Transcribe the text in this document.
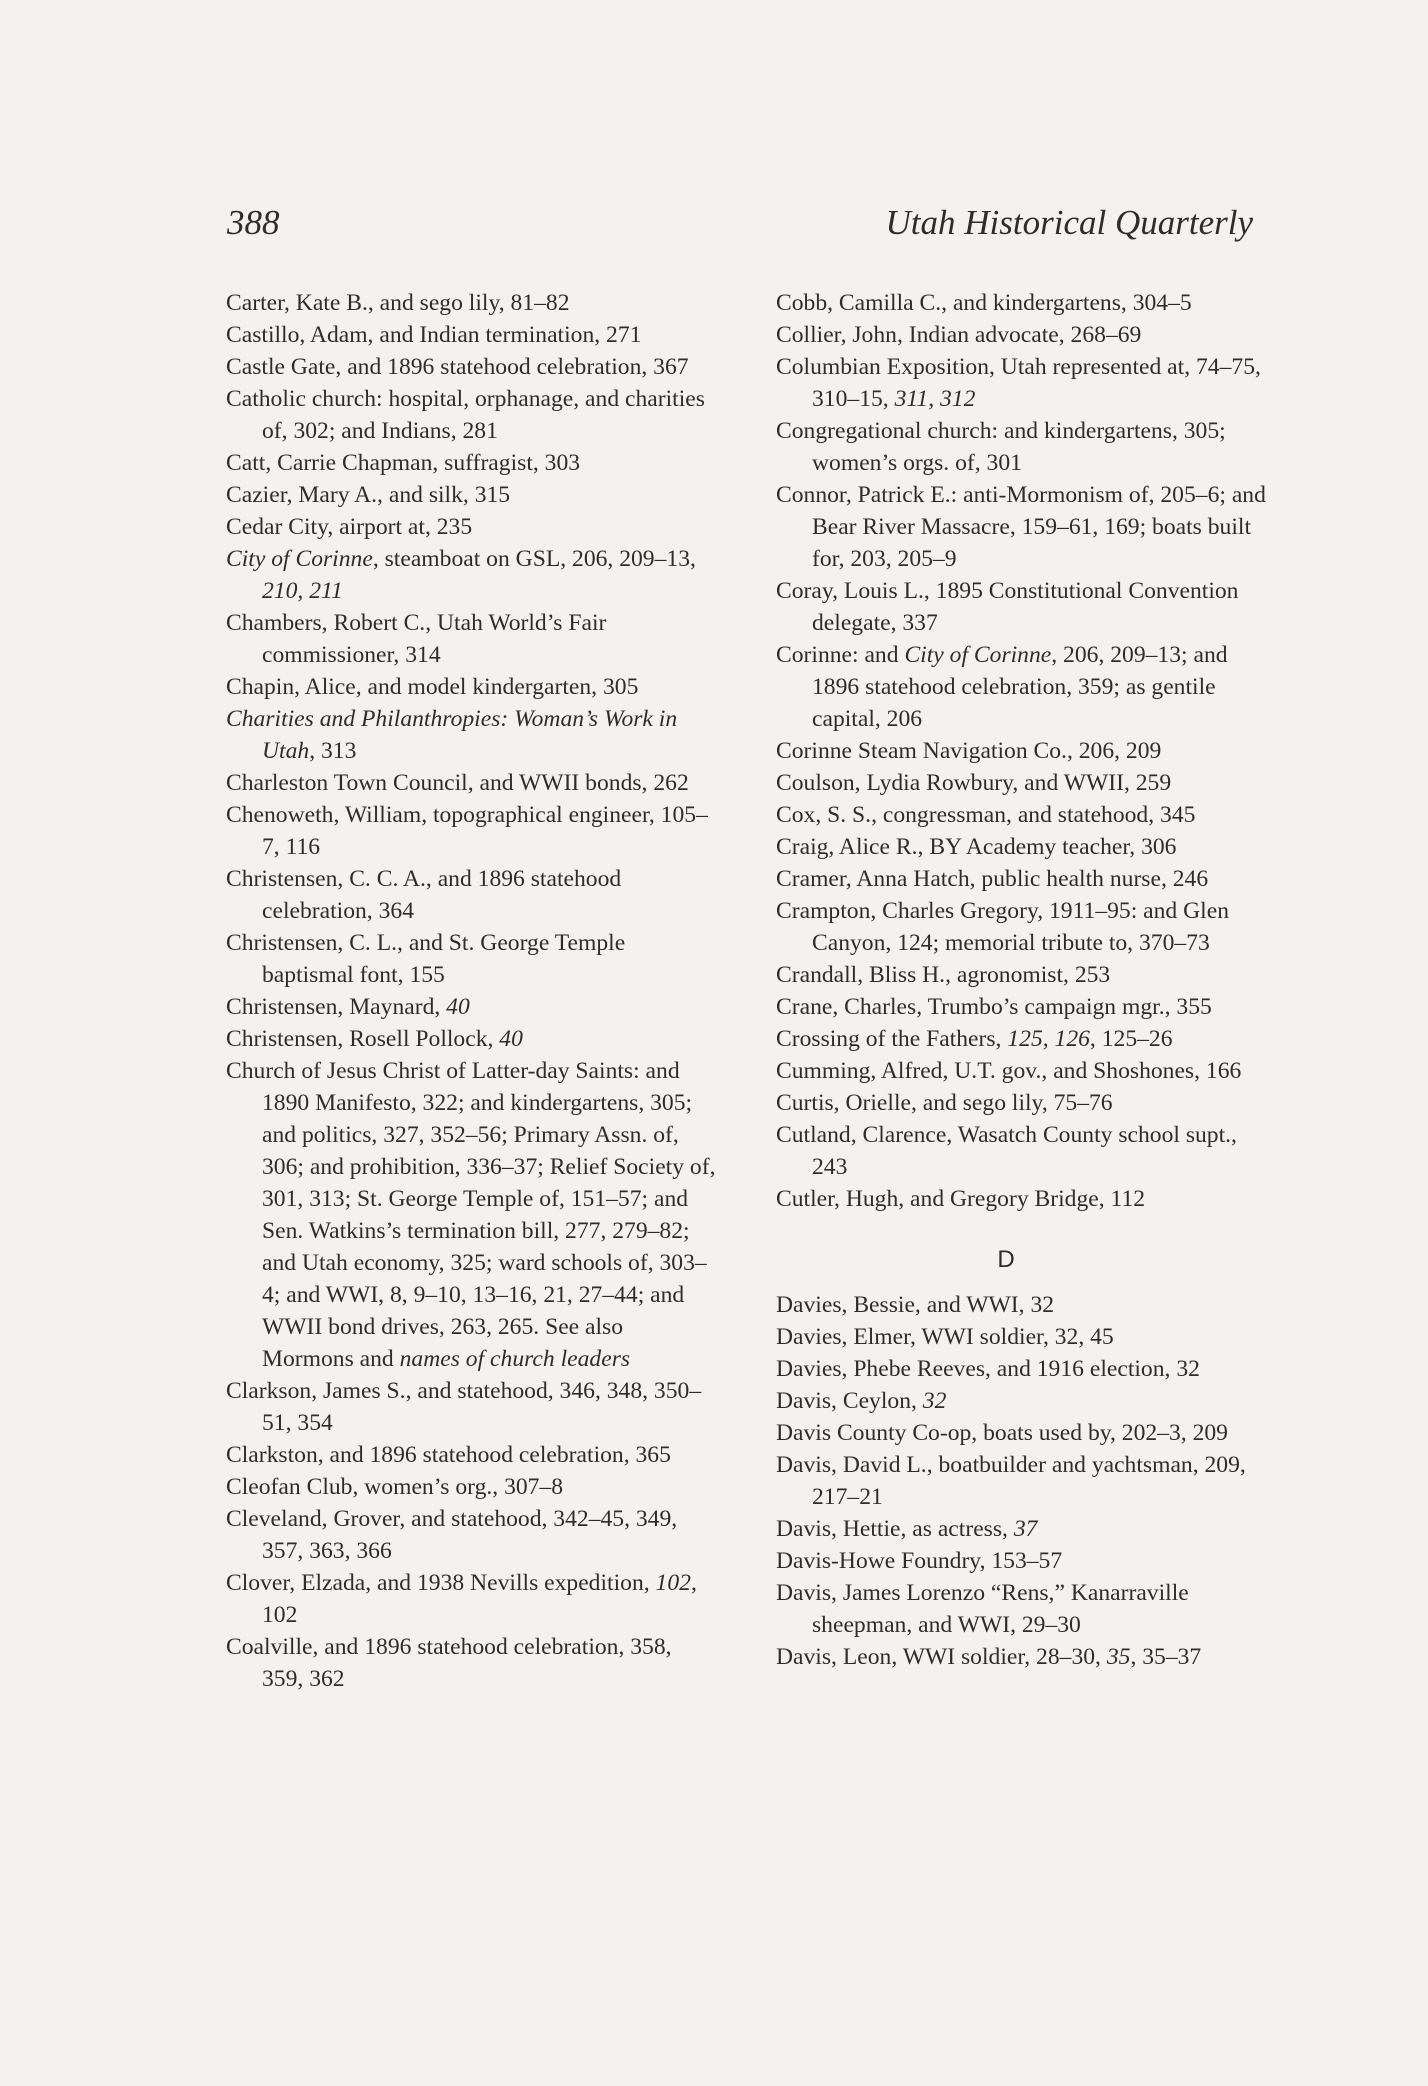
388	Utah Historical Quarterly

Carter, Kate B., and sego lily, 81–82

Castillo, Adam, and Indian termination, 271

Castle Gate, and 1896 statehood celebration, 367

Catholic church: hospital, orphanage, and charities of, 302; and Indians, 281

Catt, Carrie Chapman, suffragist, 303

Cazier, Mary A., and silk, 315

Cedar City, airport at, 235

City of Corinne, steamboat on GSL, 206, 209–13, 210, 211

Chambers, Robert C., Utah World’s Fair commissioner, 314

Chapin, Alice, and model kindergarten, 305

Charities and Philanthropies: Woman’s Work in Utah, 313

Charleston Town Council, and WWII bonds, 262

Chenoweth, William, topographical engineer, 105–7, 116

Christensen, C. C. A., and 1896 statehood celebration, 364

Christensen, C. L., and St. George Temple baptismal font, 155

Christensen, Maynard, 40

Christensen, Rosell Pollock, 40

Church of Jesus Christ of Latter-day Saints: and 1890 Manifesto, 322; and kindergartens, 305; and politics, 327, 352–56; Primary Assn. of, 306; and prohibition, 336–37; Relief Society of, 301, 313; St. George Temple of, 151–57; and Sen. Watkins’s termination bill, 277, 279–82; and Utah economy, 325; ward schools of, 303–4; and WWI, 8, 9–10, 13–16, 21, 27–44; and WWII bond drives, 263, 265. See also Mormons and names of church leaders

Clarkson, James S., and statehood, 346, 348, 350–51, 354

Clarkston, and 1896 statehood celebration, 365

Cleofan Club, women’s org., 307–8

Cleveland, Grover, and statehood, 342–45, 349, 357, 363, 366

Clover, Elzada, and 1938 Nevills expedition, 102, 102

Coalville, and 1896 statehood celebration, 358, 359, 362

Cobb, Camilla C., and kindergartens, 304–5

Collier, John, Indian advocate, 268–69

Columbian Exposition, Utah represented at, 74–75, 310–15, 311, 312

Congregational church: and kindergartens, 305; women’s orgs. of, 301

Connor, Patrick E.: anti-Mormonism of, 205–6; and Bear River Massacre, 159–61, 169; boats built for, 203, 205–9

Coray, Louis L., 1895 Constitutional Convention delegate, 337

Corinne: and City of Corinne, 206, 209–13; and 1896 statehood celebration, 359; as gentile capital, 206

Corinne Steam Navigation Co., 206, 209

Coulson, Lydia Rowbury, and WWII, 259

Cox, S. S., congressman, and statehood, 345

Craig, Alice R., BY Academy teacher, 306

Cramer, Anna Hatch, public health nurse, 246

Crampton, Charles Gregory, 1911–95: and Glen Canyon, 124; memorial tribute to, 370–73

Crandall, Bliss H., agronomist, 253

Crane, Charles, Trumbo’s campaign mgr., 355

Crossing of the Fathers, 125, 126, 125–26

Cumming, Alfred, U.T. gov., and Shoshones, 166

Curtis, Orielle, and sego lily, 75–76

Cutland, Clarence, Wasatch County school supt., 243

Cutler, Hugh, and Gregory Bridge, 112

D

Davies, Bessie, and WWI, 32

Davies, Elmer, WWI soldier, 32, 45

Davies, Phebe Reeves, and 1916 election, 32

Davis, Ceylon, 32

Davis County Co-op, boats used by, 202–3, 209

Davis, David L., boatbuilder and yachtsman, 209, 217–21

Davis, Hettie, as actress, 37

Davis-Howe Foundry, 153–57

Davis, James Lorenzo “Rens,” Kanarraville sheepman, and WWI, 29–30

Davis, Leon, WWI soldier, 28–30, 35, 35–37
